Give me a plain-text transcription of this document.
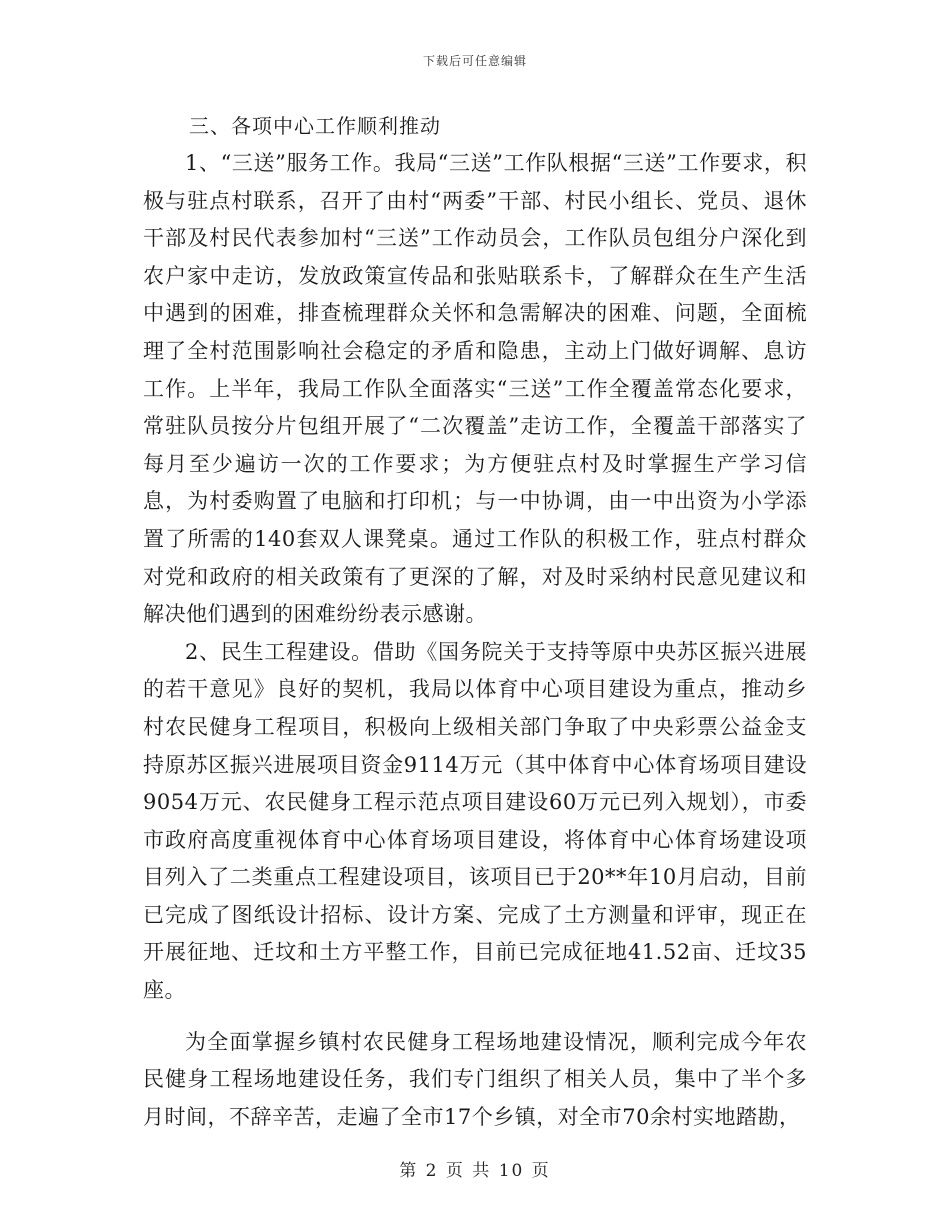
下载后可任意编辑
三、各项中心工作顺利推动

1、“三送”服务工作。我局“三送”工作队根据“三送”工作要求，积极与驻点村联系，召开了由村“两委”干部、村民小组长、党员、退休干部及村民代表参加村“三送”工作动员会，工作队员包组分户深化到农户家中走访，发放政策宣传品和张贴联系卡，了解群众在生产生活中遇到的困难，排查梳理群众关怀和急需解决的困难、问题，全面梳理了全村范围影响社会稳定的矛盾和隐患，主动上门做好调解、息访工作。上半年，我局工作队全面落实“三送”工作全覆盖常态化要求，常驻队员按分片包组开展了“二次覆盖”走访工作，全覆盖干部落实了每月至少遍访一次的工作要求；为方便驻点村及时掌握生产学习信息，为村委购置了电脑和打印机；与一中协调，由一中出资为小学添置了所需的140套双人课凳桌。通过工作队的积极工作，驻点村群众对党和政府的相关政策有了更深的了解，对及时采纳村民意见建议和解决他们遇到的困难纷纷表示感谢。

2、民生工程建设。借助《国务院关于支持等原中央苏区振兴进展的若干意见》良好的契机，我局以体育中心项目建设为重点，推动乡村农民健身工程项目，积极向上级相关部门争取了中央彩票公益金支持原苏区振兴进展项目资金9114万元（其中体育中心体育场项目建设9054万元、农民健身工程示范点项目建设60万元已列入规划），市委市政府高度重视体育中心体育场项目建设，将体育中心体育场建设项目列入了二类重点工程建设项目，该项目已于20**年10月启动，目前已完成了图纸设计招标、设计方案、完成了土方测量和评审，现正在开展征地、迁坟和土方平整工作，目前已完成征地41.52亩、迁坟35座。

为全面掌握乡镇村农民健身工程场地建设情况，顺利完成今年农民健身工程场地建设任务，我们专门组织了相关人员，集中了半个多月时间，不辞辛苦，走遍了全市17个乡镇，对全市70余村实地踏勘，

第 2 页 共 10 页
